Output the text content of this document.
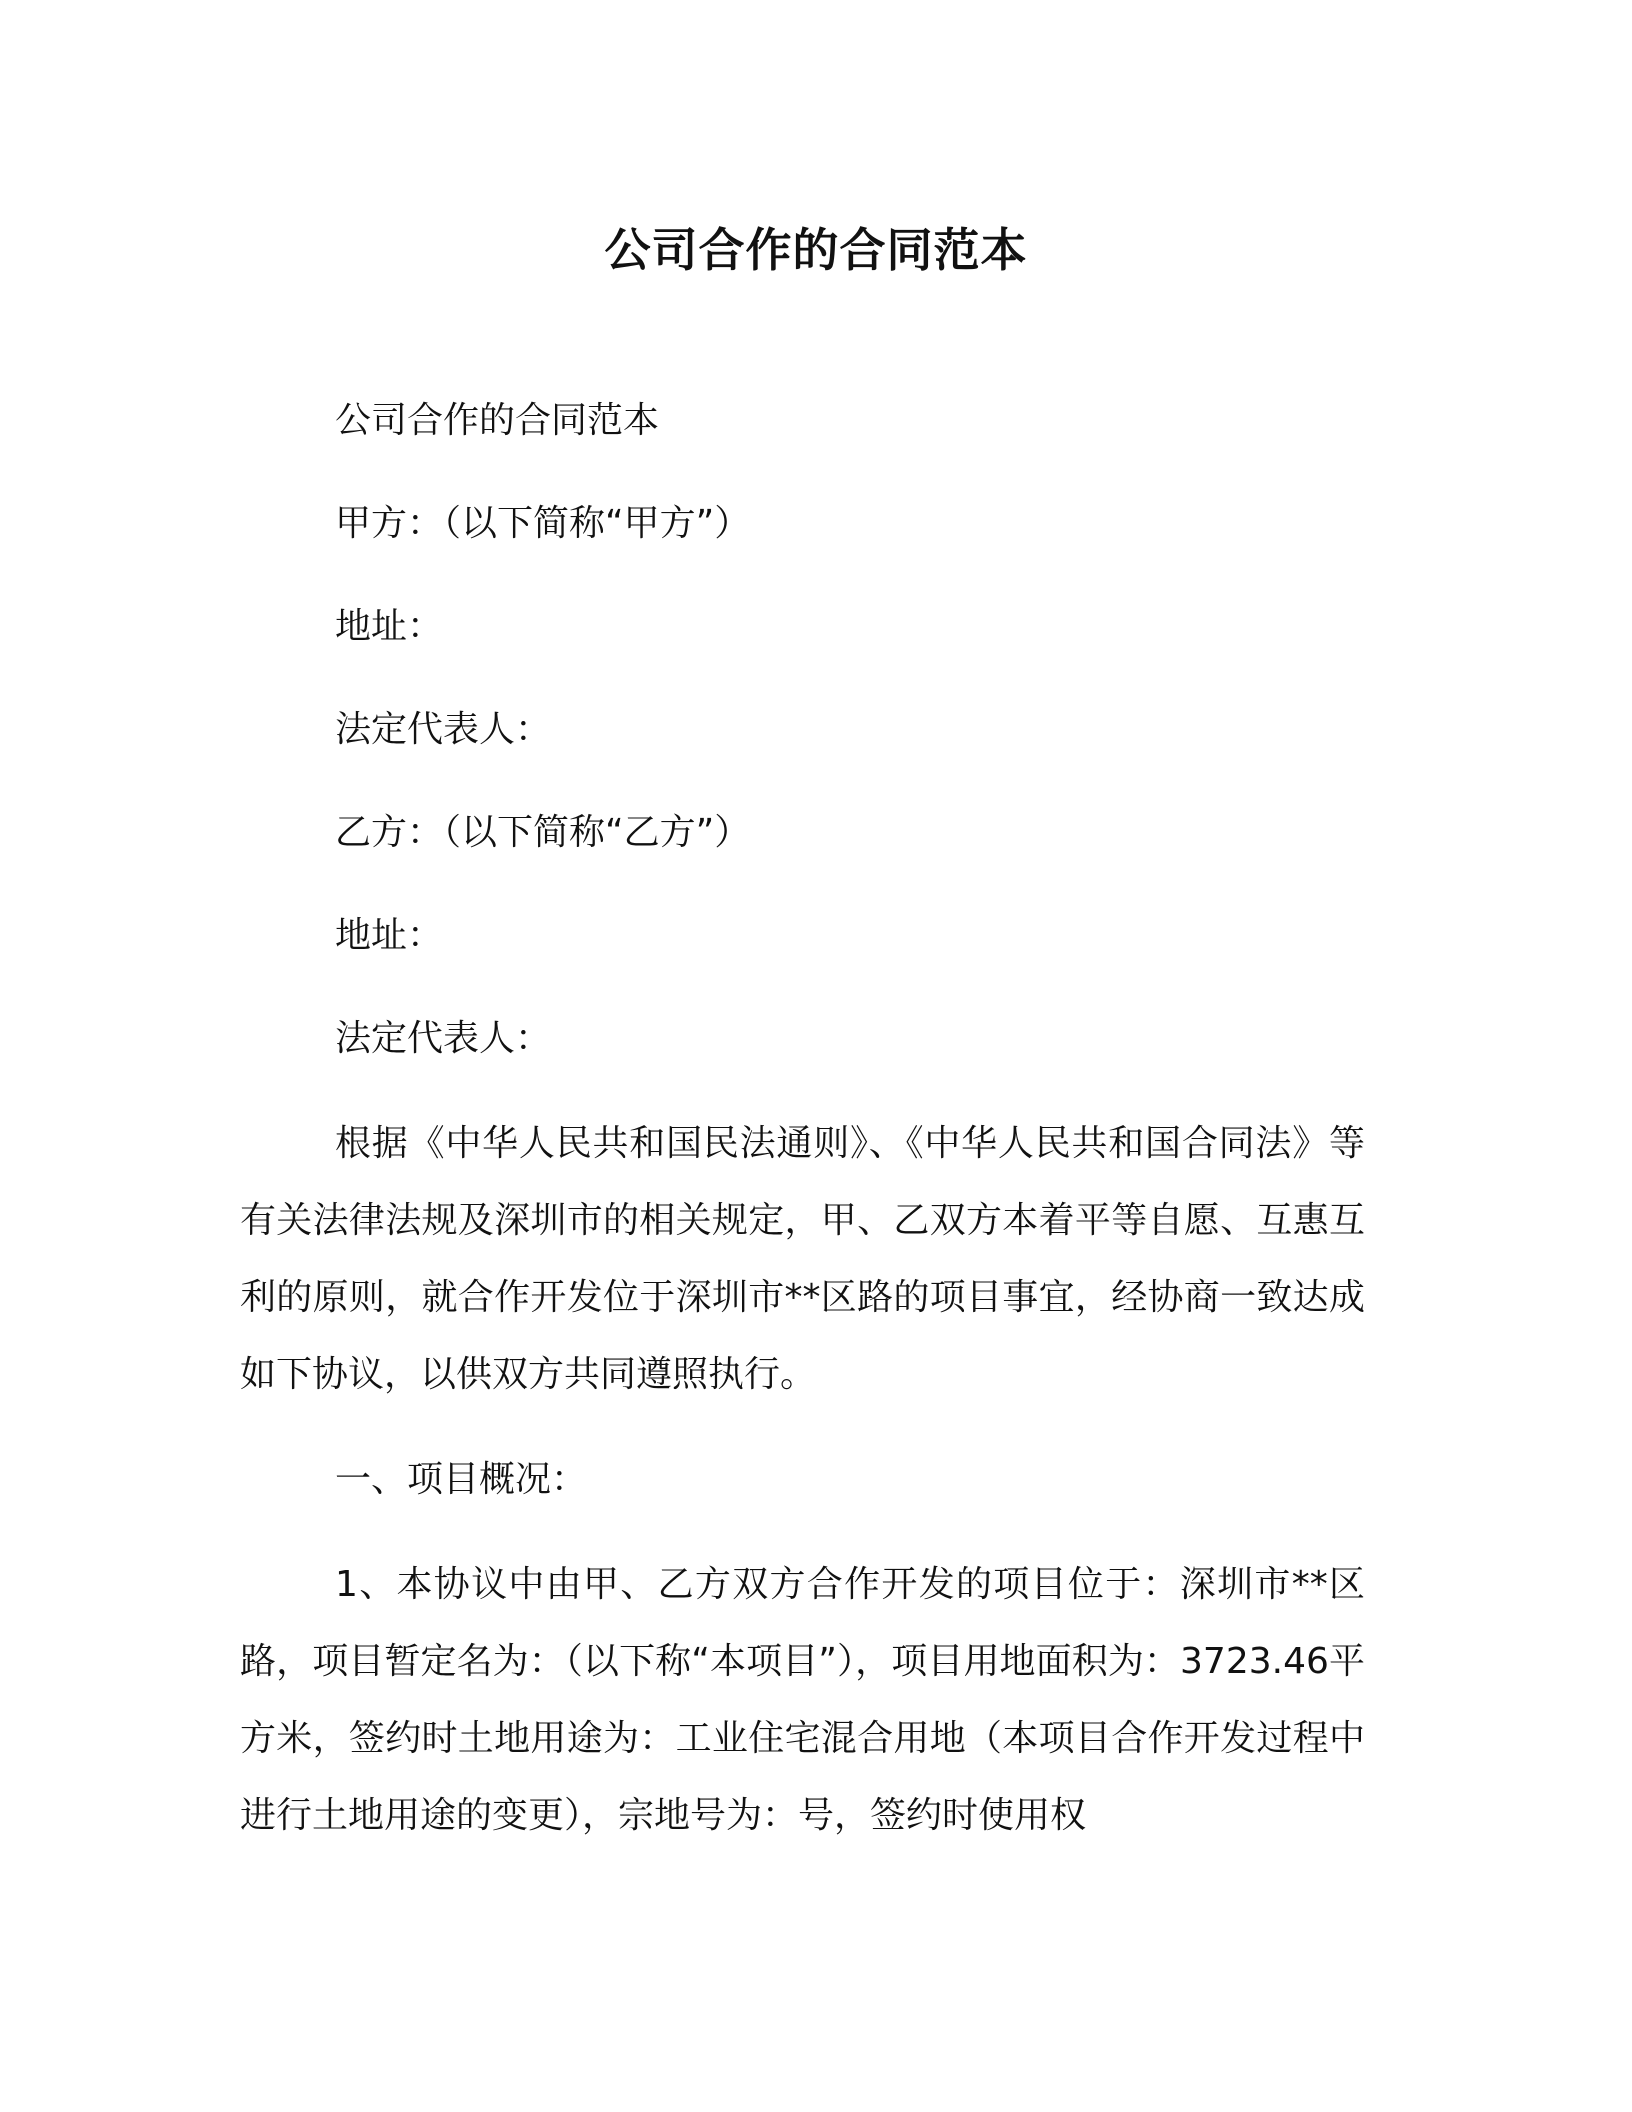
公司合作的合同范本

公司合作的合同范本

甲方：（以下简称“甲方”）

地址：

法定代表人：

乙方：（以下简称“乙方”）

地址：

法定代表人：

根据《中华人民共和国民法通则》、《中华人民共和国合同法》等有关法律法规及深圳市的相关规定，甲、乙双方本着平等自愿、互惠互利的原则，就合作开发位于深圳市**区路的项目事宜，经协商一致达成如下协议，以供双方共同遵照执行。

一、项目概况：

1、本协议中由甲、乙方双方合作开发的项目位于：深圳市**区路，项目暂定名为：（以下称“本项目”），项目用地面积为：3723.46平方米，签约时土地用途为：工业住宅混合用地（本项目合作开发过程中进行土地用途的变更），宗地号为：号，签约时使用权
